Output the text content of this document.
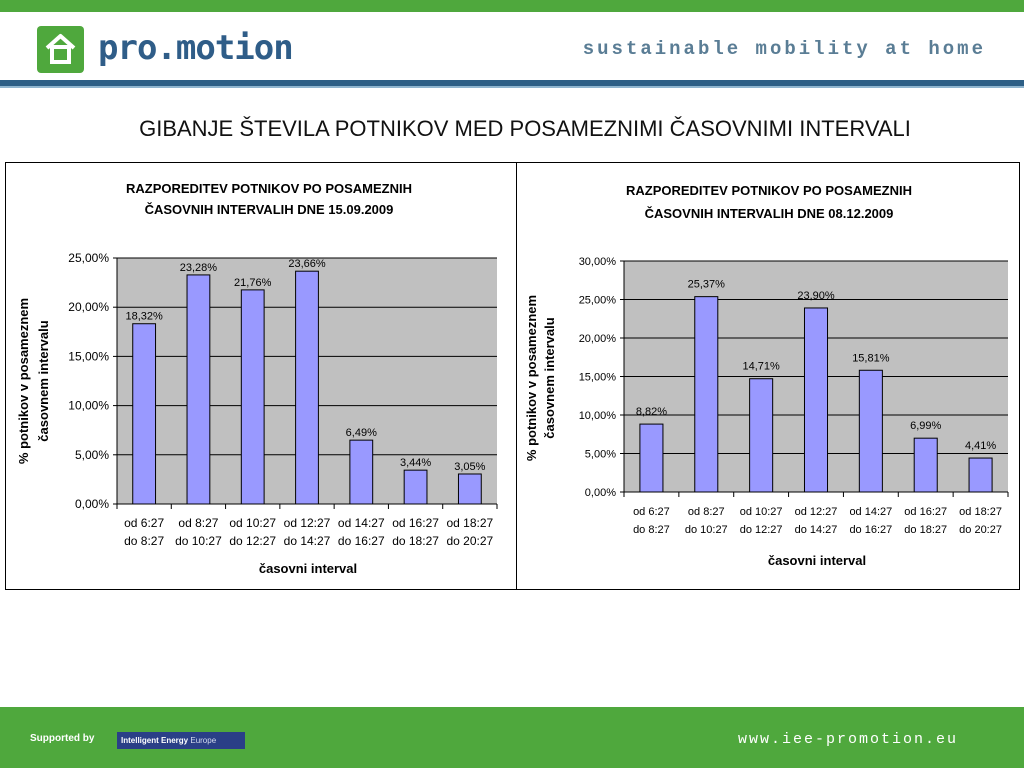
pro.motion	sustainable mobility at home
GIBANJE ŠTEVILA POTNIKOV MED POSAMEZNIMI ČASOVNIMI INTERVALI
RAZPOREDITEV POTNIKOV PO POSAMEZNIH
ČASOVNIH INTERVALIH DNE 15.09.2009
% potnikov v posameznem časovnem intervalu
časovni interval
0,00%
5,00%
10,00%
15,00%
20,00%
25,00%
18,32%
od 6:27
do 8:27
23,28%
od 8:27
do 10:27
21,76%
od 10:27
do 12:27
23,66%
od 12:27
do 14:27
6,49%
od 14:27
do 16:27
3,44%
od 16:27
do 18:27
3,05%
od 18:27
do 20:27
RAZPOREDITEV POTNIKOV PO POSAMEZNIH
ČASOVNIH INTERVALIH DNE 08.12.2009
% potnikov v posameznem časovnem intervalu
časovni interval
0,00%
5,00%
10,00%
15,00%
20,00%
25,00%
30,00%
8,82%
od 6:27
do 8:27
25,37%
od 8:27
do 10:27
14,71%
od 10:27
do 12:27
23,90%
od 12:27
do 14:27
15,81%
od 14:27
do 16:27
6,99%
od 16:27
do 18:27
4,41%
od 18:27
do 20:27
Supported by	Intelligent Energy Europe	www.iee-promotion.eu
